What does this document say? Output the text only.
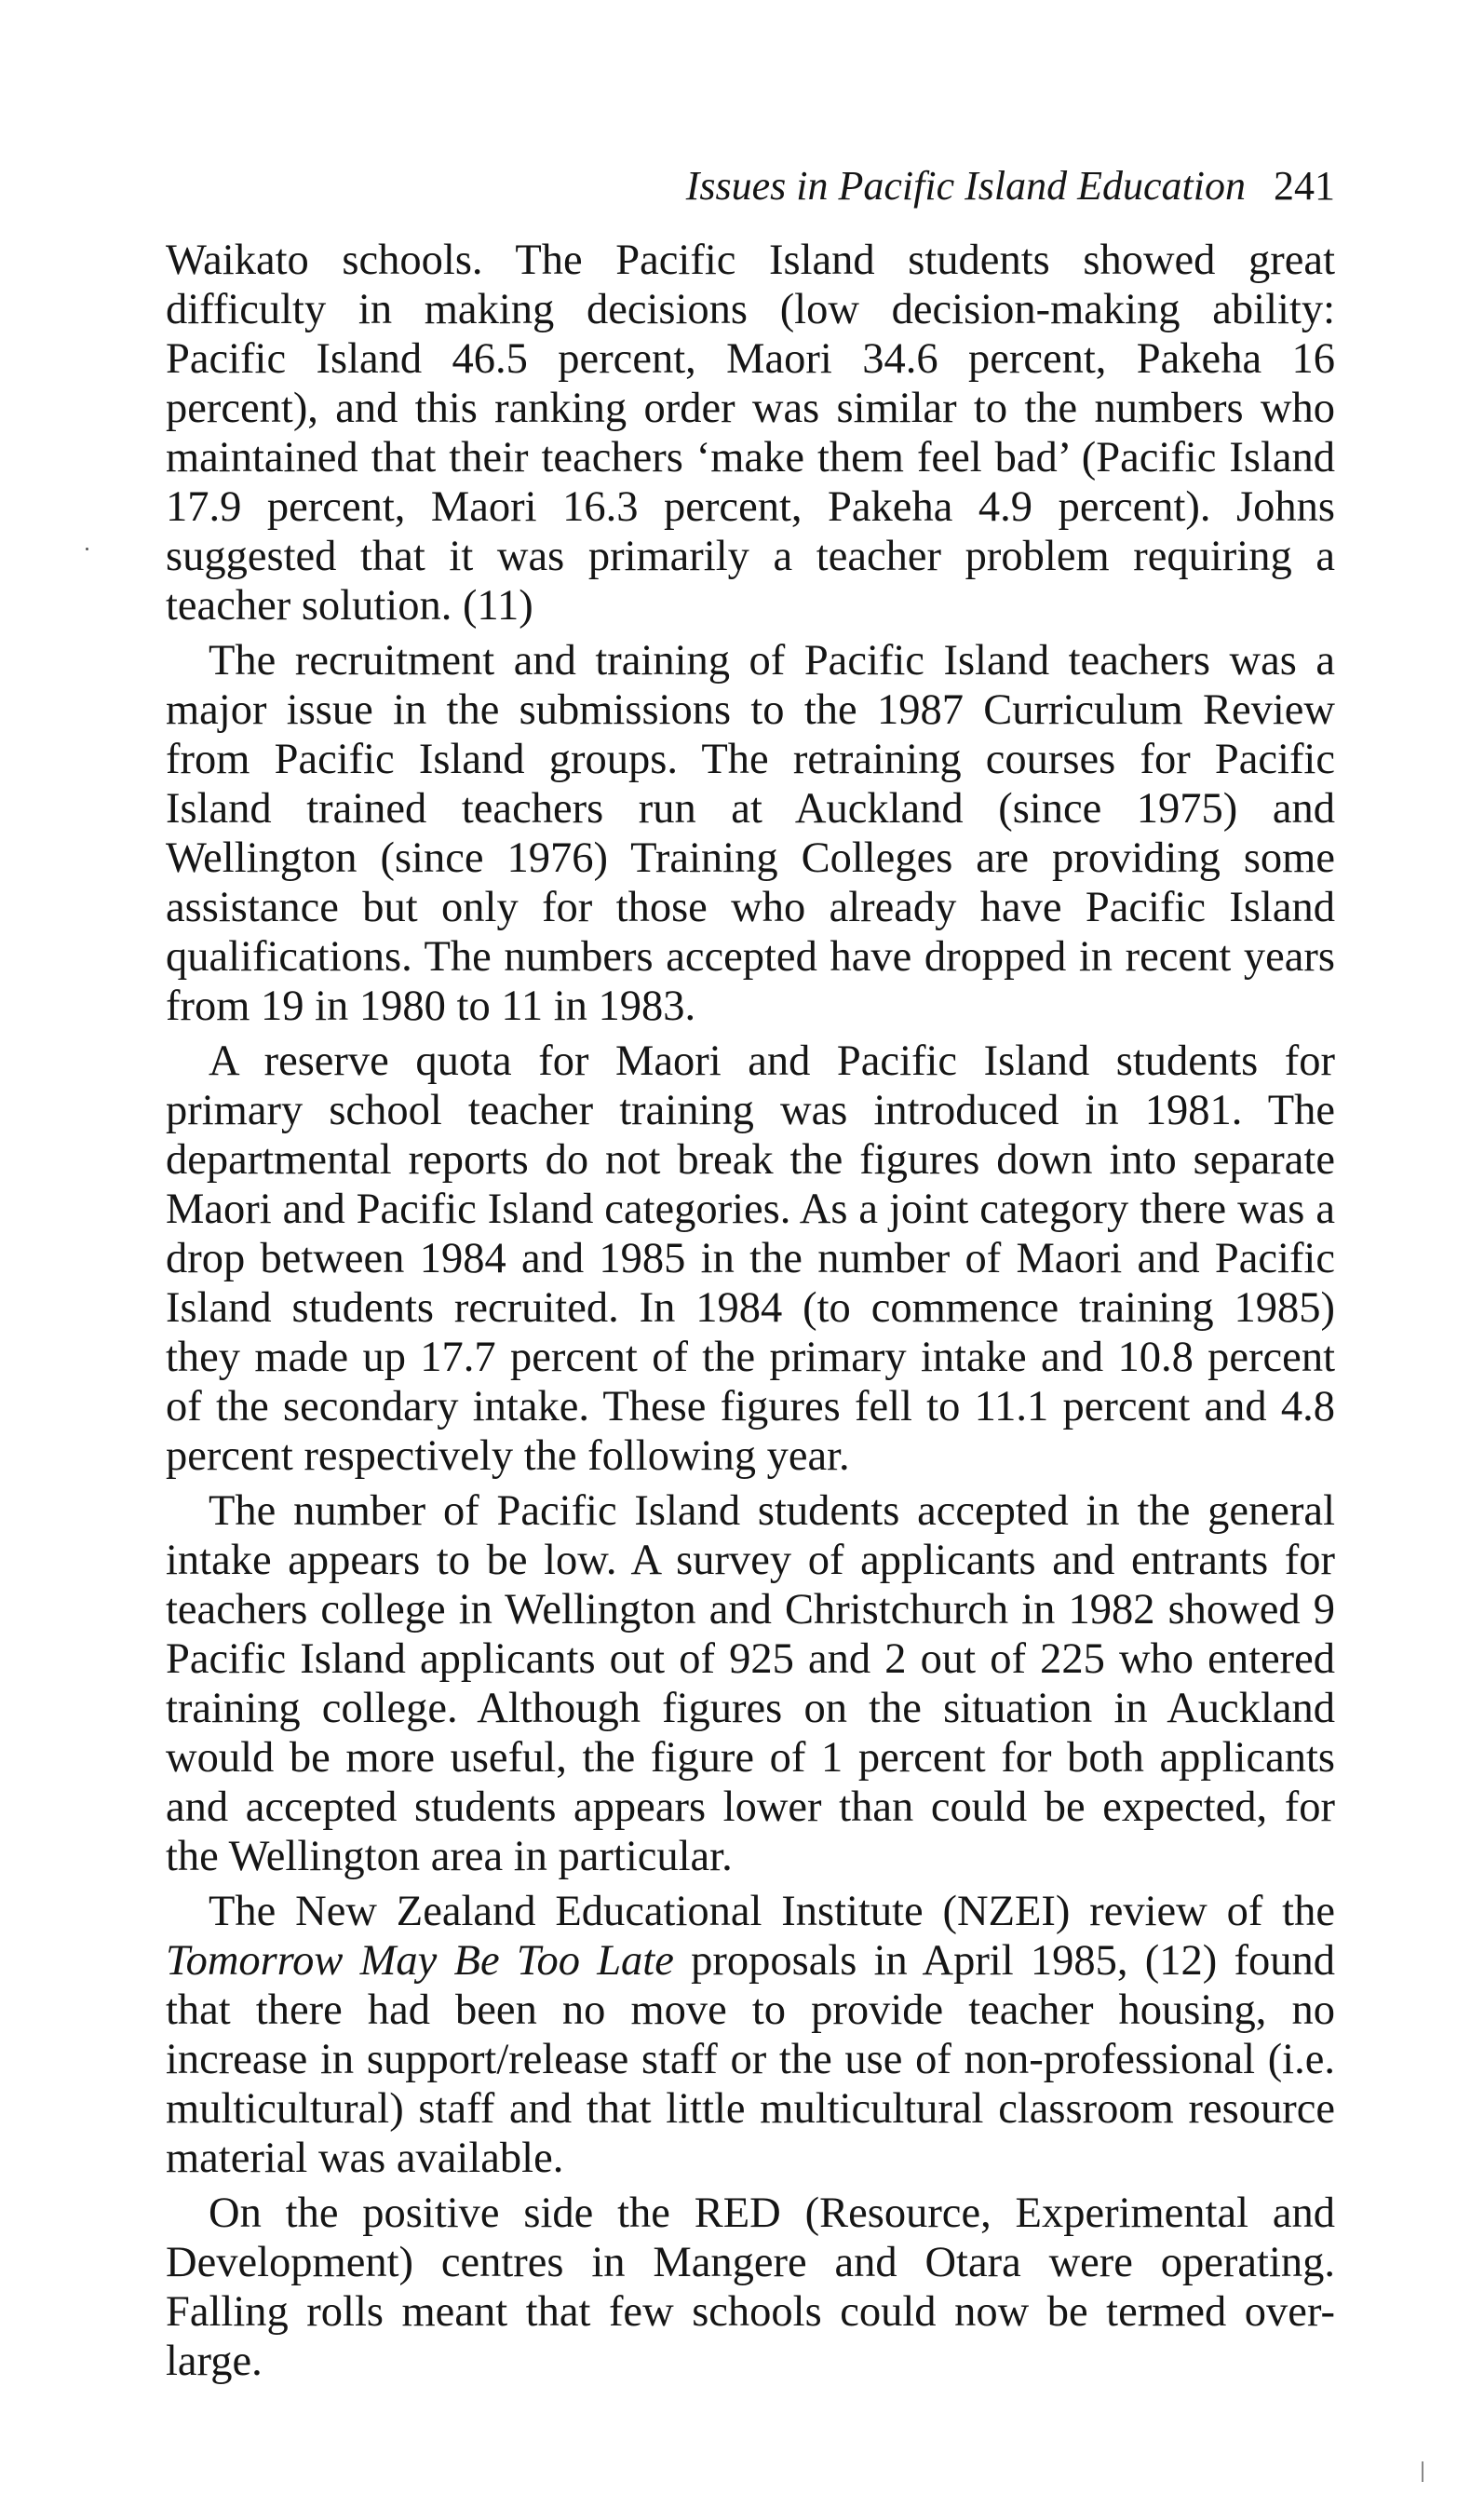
Issues in Pacific Island Education 241

Waikato schools. The Pacific Island students showed great difficulty in making decisions (low decision-making ability: Pacific Island 46.5 percent, Maori 34.6 percent, Pakeha 16 percent), and this ranking order was similar to the numbers who maintained that their teachers ‘make them feel bad’ (Pacific Island 17.9 percent, Maori 16.3 percent, Pakeha 4.9 percent). Johns suggested that it was primarily a teacher problem requiring a teacher solution. (11)

The recruitment and training of Pacific Island teachers was a major issue in the submissions to the 1987 Curriculum Review from Pacific Island groups. The retraining courses for Pacific Island trained teachers run at Auckland (since 1975) and Wellington (since 1976) Training Colleges are providing some assistance but only for those who already have Pacific Island qualifications. The numbers accepted have dropped in recent years from 19 in 1980 to 11 in 1983.

A reserve quota for Maori and Pacific Island students for primary school teacher training was introduced in 1981. The departmental reports do not break the figures down into separate Maori and Pacific Island categories. As a joint category there was a drop between 1984 and 1985 in the number of Maori and Pacific Island students recruited. In 1984 (to commence training 1985) they made up 17.7 percent of the primary intake and 10.8 percent of the secondary intake. These figures fell to 11.1 percent and 4.8 percent respectively the following year.

The number of Pacific Island students accepted in the general intake appears to be low. A survey of applicants and entrants for teachers college in Wellington and Christchurch in 1982 showed 9 Pacific Island applicants out of 925 and 2 out of 225 who entered training college. Although figures on the situation in Auckland would be more useful, the figure of 1 percent for both applicants and accepted students appears lower than could be expected, for the Wellington area in particular.

The New Zealand Educational Institute (NZEI) review of the Tomorrow May Be Too Late proposals in April 1985, (12) found that there had been no move to provide teacher housing, no increase in support/release staff or the use of non-professional (i.e. multicultural) staff and that little multicultural classroom resource material was available.

On the positive side the RED (Resource, Experimental and Development) centres in Mangere and Otara were operating. Falling rolls meant that few schools could now be termed over-large.
